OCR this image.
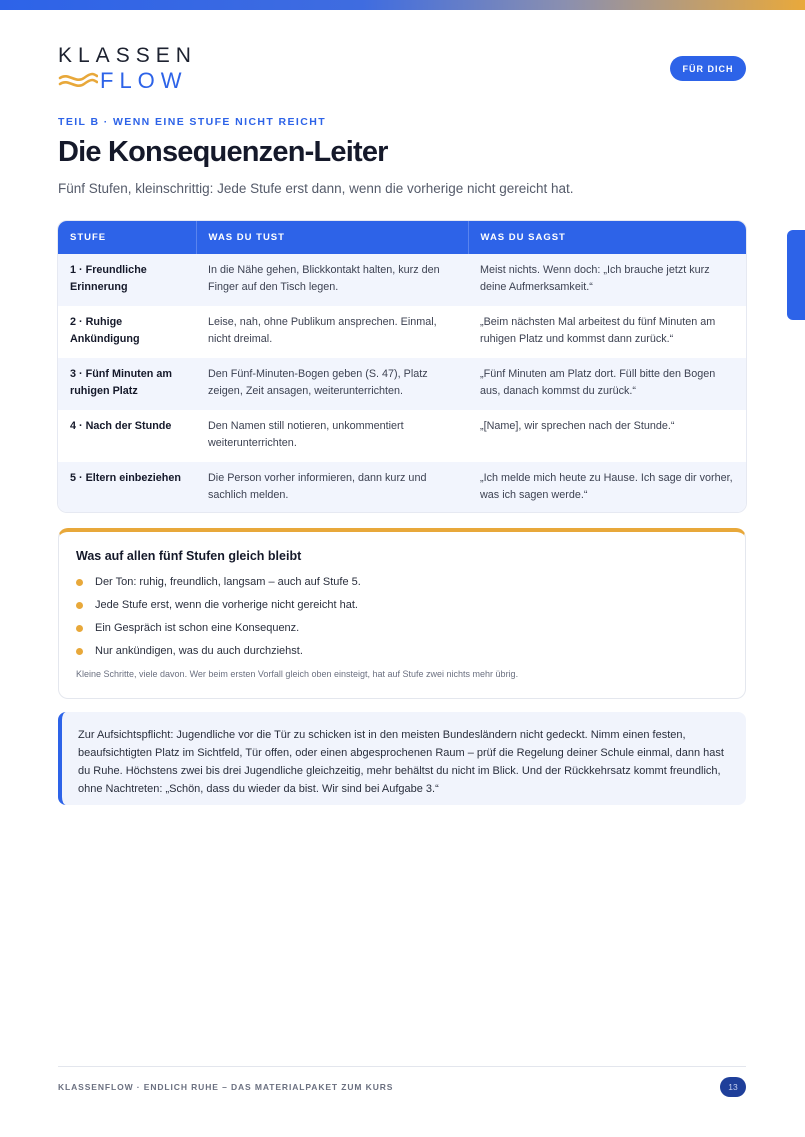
KLASSEN
FLOW	FÜR DICH
TEIL B · WENN EINE STUFE NICHT REICHT
Die Konsequenzen-Leiter
Fünf Stufen, kleinschrittig: Jede Stufe erst dann, wenn die vorherige nicht gereicht hat.
STUFE	WAS DU TUST	WAS DU SAGST
1 · Freundliche Erinnerung	In die Nähe gehen, Blickkontakt halten, kurz den Finger auf den Tisch legen.	Meist nichts. Wenn doch: „Ich brauche jetzt kurz deine Aufmerksamkeit.“
2 · Ruhige Ankündigung	Leise, nah, ohne Publikum ansprechen. Einmal, nicht dreimal.	„Beim nächsten Mal arbeitest du fünf Minuten am ruhigen Platz und kommst dann zurück.“
3 · Fünf Minuten am ruhigen Platz	Den Fünf-Minuten-Bogen geben (S. 47), Platz zeigen, Zeit ansagen, weiterunterrichten.	„Fünf Minuten am Platz dort. Füll bitte den Bogen aus, danach kommst du zurück.“
4 · Nach der Stunde	Den Namen still notieren, unkommentiert weiterunterrichten.	„[Name], wir sprechen nach der Stunde.“
5 · Eltern einbeziehen	Die Person vorher informieren, dann kurz und sachlich melden.	„Ich melde mich heute zu Hause. Ich sage dir vorher, was ich sagen werde.“
Was auf allen fünf Stufen gleich bleibt
Der Ton: ruhig, freundlich, langsam – auch auf Stufe 5.
Jede Stufe erst, wenn die vorherige nicht gereicht hat.
Ein Gespräch ist schon eine Konsequenz.
Nur ankündigen, was du auch durchziehst.
Kleine Schritte, viele davon. Wer beim ersten Vorfall gleich oben einsteigt, hat auf Stufe zwei nichts mehr übrig.

Zur Aufsichtspflicht: Jugendliche vor die Tür zu schicken ist in den meisten Bundesländern nicht gedeckt. Nimm einen festen, beaufsichtigten Platz im Sichtfeld, Tür offen, oder einen abgesprochenen Raum – prüf die Regelung deiner Schule einmal, dann hast du Ruhe. Höchstens zwei bis drei Jugendliche gleichzeitig, mehr behältst du nicht im Blick. Und der Rückkehrsatz kommt freundlich, ohne Nachtreten: „Schön, dass du wieder da bist. Wir sind bei Aufgabe 3.“

KLASSENFLOW · ENDLICH RUHE – DAS MATERIALPAKET ZUM KURS	13
